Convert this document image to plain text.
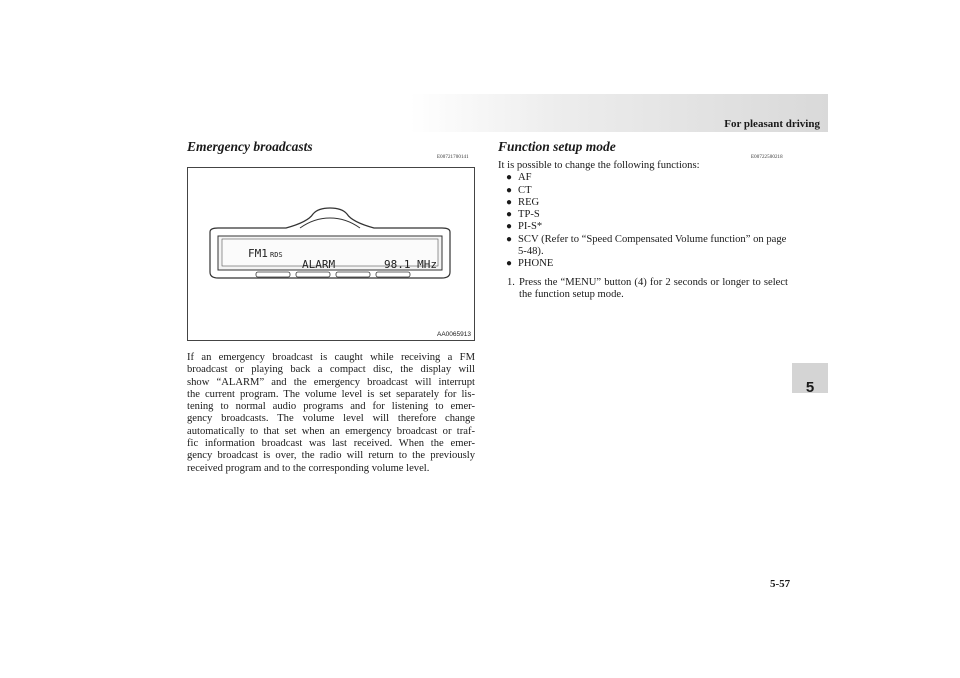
For pleasant driving
5
Emergency broadcasts
E00721700141
FM1 RDS
ALARM	98.1 MHz
AA0065913
If an emergency broadcast is caught while receiving a FM
broadcast or playing back a compact disc, the display will
show “ALARM” and the emergency broadcast will interrupt
the current program. The volume level is set separately for lis-
tening to normal audio programs and for listening to emer-
gency broadcasts. The volume level will therefore change
automatically to that set when an emergency broadcast or traf-
fic information broadcast was last received. When the emer-
gency broadcast is over, the radio will return to the previously
received program and to the corresponding volume level.
Function setup mode
E00722500218
It is possible to change the following functions:
● AF
● CT
● REG
● TP-S
● PI-S*
● SCV (Refer to “Speed Compensated Volume function” on page 5-48).
● PHONE
1. Press the “MENU” button (4) for 2 seconds or longer to select the function setup mode.
5-57
